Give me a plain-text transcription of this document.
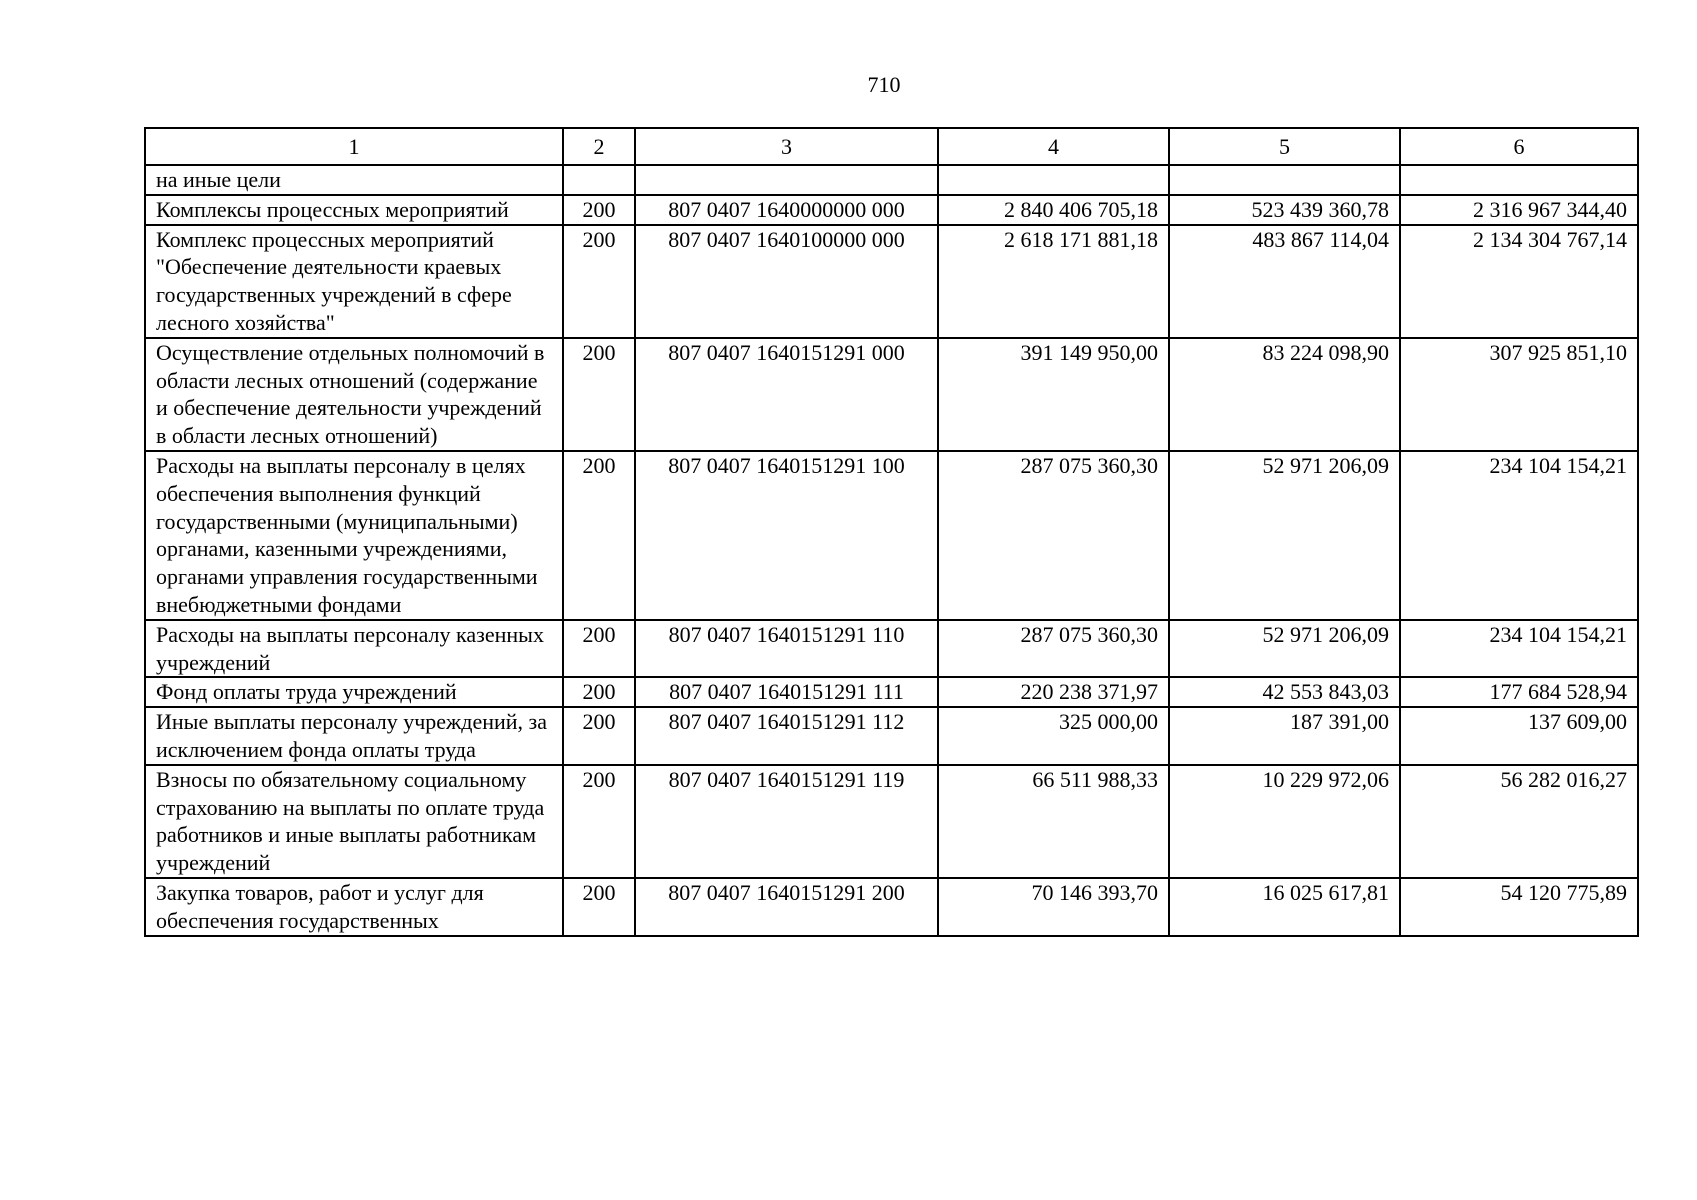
710
1	2	3	4	5	6
на иные цели					
Комплексы процессных мероприятий	200	807 0407 1640000000 000	2 840 406 705,18	523 439 360,78	2 316 967 344,40
Комплекс процессных мероприятий "Обеспечение деятельности краевых государственных учреждений в сфере лесного хозяйства"	200	807 0407 1640100000 000	2 618 171 881,18	483 867 114,04	2 134 304 767,14
Осуществление отдельных полномочий в области лесных отношений (содержание и обеспечение деятельности учреждений в области лесных отношений)	200	807 0407 1640151291 000	391 149 950,00	83 224 098,90	307 925 851,10
Расходы на выплаты персоналу в целях обеспечения выполнения функций государственными (муниципальными) органами, казенными учреждениями, органами управления государственными внебюджетными фондами	200	807 0407 1640151291 100	287 075 360,30	52 971 206,09	234 104 154,21
Расходы на выплаты персоналу казенных учреждений	200	807 0407 1640151291 110	287 075 360,30	52 971 206,09	234 104 154,21
Фонд оплаты труда учреждений	200	807 0407 1640151291 111	220 238 371,97	42 553 843,03	177 684 528,94
Иные выплаты персоналу учреждений, за исключением фонда оплаты труда	200	807 0407 1640151291 112	325 000,00	187 391,00	137 609,00
Взносы по обязательному социальному страхованию на выплаты по оплате труда работников и иные выплаты работникам учреждений	200	807 0407 1640151291 119	66 511 988,33	10 229 972,06	56 282 016,27
Закупка товаров, работ и услуг для обеспечения государственных	200	807 0407 1640151291 200	70 146 393,70	16 025 617,81	54 120 775,89
